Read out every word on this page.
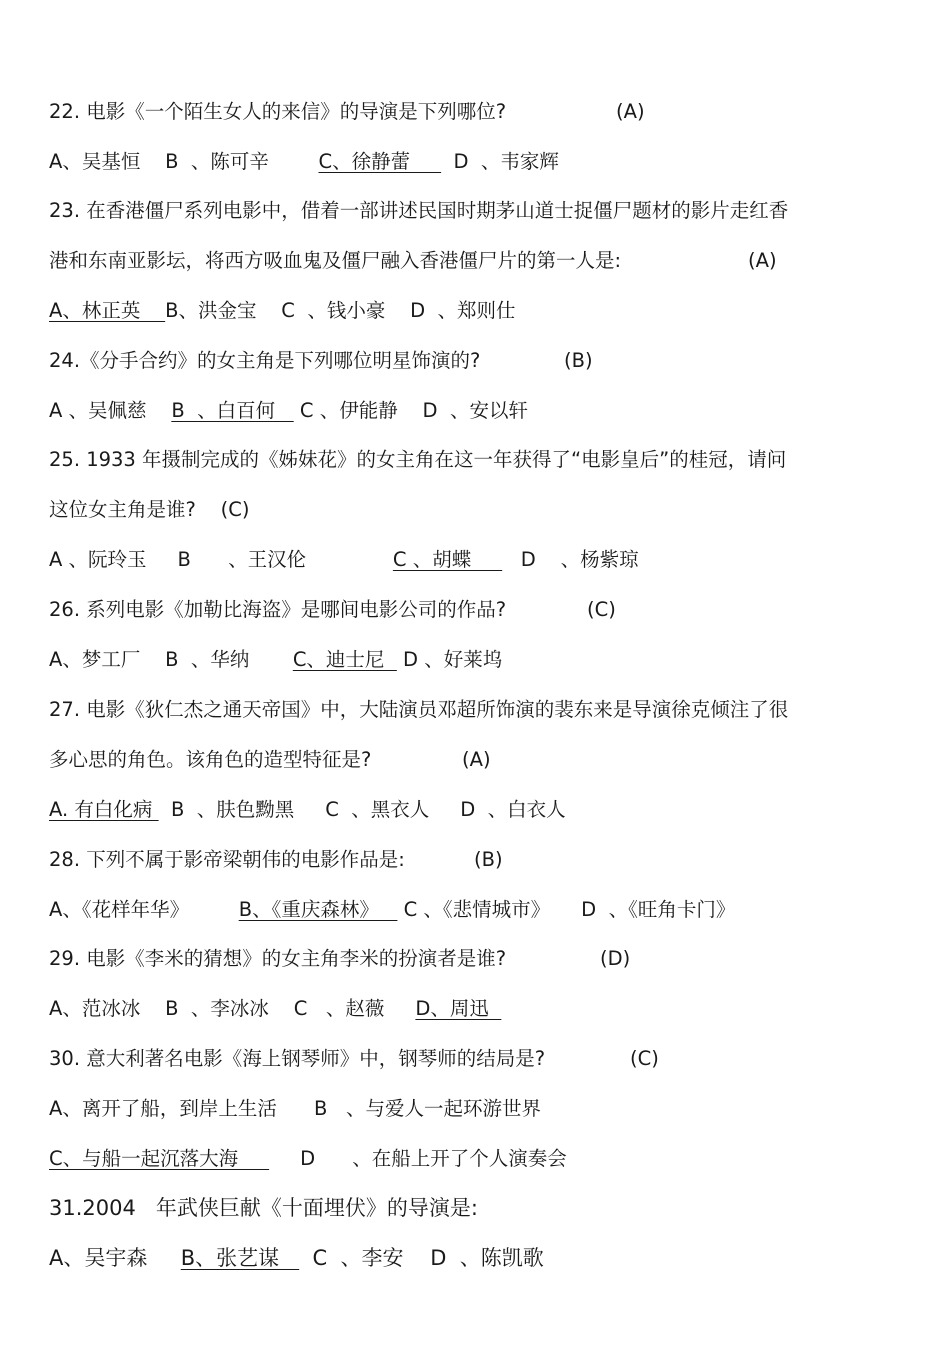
22. 电影《一个陌生女人的来信》的导演是下列哪位?	(A)
A、吴基恒    B  、陈可辛        C、徐静蕾       D  、韦家辉
23. 在香港僵尸系列电影中，借着一部讲述民国时期茅山道士捉僵尸题材的影片走红香
港和东南亚影坛，将西方吸血鬼及僵尸融入香港僵尸片的第一人是:	(A)
A、林正英    B、洪金宝    C  、钱小豪    D  、郑则仕
24.《分手合约》的女主角是下列哪位明星饰演的?	(B)
A 、吴佩慈    B  、白百何    C 、伊能静    D  、安以轩
25. 1933 年摄制完成的《姊妹花》的女主角在这一年获得了“电影皇后”的桂冠，请问
这位女主角是谁?    (C)
A 、阮玲玉     B      、王汉伦              C 、胡蝶        D    、杨紫琼
26. 系列电影《加勒比海盗》是哪间电影公司的作品?	(C)
A、梦工厂    B  、华纳       C、迪士尼   D 、好莱坞
27. 电影《狄仁杰之通天帝国》中，大陆演员邓超所饰演的裴东来是导演徐克倾注了很
多心思的角色。该角色的造型特征是?	(A)
A. 有白化病   B  、肤色黝黑     C  、黑衣人     D  、白衣人
28. 下列不属于影帝梁朝伟的电影作品是:	(B)
A、《花样年华》        B、《重庆森林》    C 、《悲情城市》     D  、《旺角卡门》
29. 电影《李米的猜想》的女主角李米的扮演者是谁?	(D)
A、范冰冰    B  、李冰冰    C   、赵薇     D、周迅
30. 意大利著名电影《海上钢琴师》中，钢琴师的结局是?	(C)
A、离开了船，到岸上生活      B   、与爱人一起环游世界
C、与船一起沉落大海          D      、在船上开了个人演奏会
31.2004   年武侠巨献《十面埋伏》的导演是:
A、吴宇森     B、张艺谋     C  、李安    D  、陈凯歌
